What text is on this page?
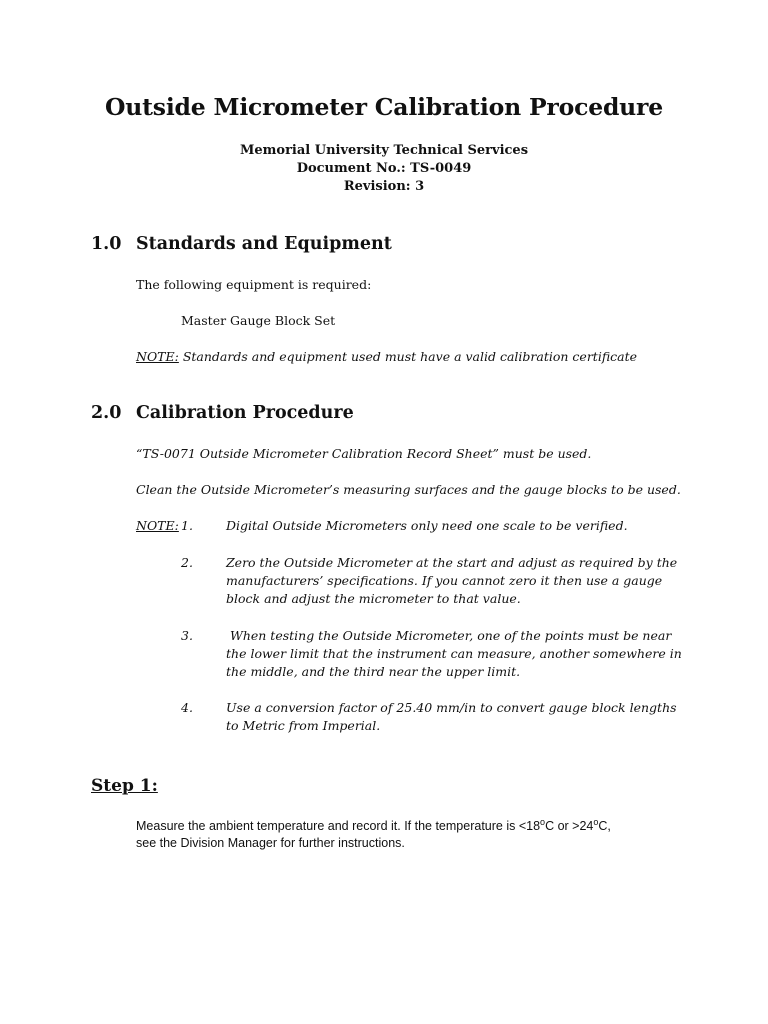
Outside Micrometer Calibration Procedure
Memorial University Technical Services
Document No.: TS-0049
Revision: 3
1.0 Standards and Equipment
The following equipment is required:
Master Gauge Block Set
NOTE: Standards and equipment used must have a valid calibration certificate
2.0 Calibration Procedure
“TS-0071 Outside Micrometer Calibration Record Sheet” must be used.
Clean the Outside Micrometer’s measuring surfaces and the gauge blocks to be used.
NOTE: 1.	Digital Outside Micrometers only need one scale to be verified.
2.	Zero the Outside Micrometer at the start and adjust as required by the
manufacturers’ specifications. If you cannot zero it then use a gauge
block and adjust the micrometer to that value.
3.	When testing the Outside Micrometer, one of the points must be near
the lower limit that the instrument can measure, another somewhere in
the middle, and the third near the upper limit.
4.	Use a conversion factor of 25.40 mm/in to convert gauge block lengths
to Metric from Imperial.
Step 1:
Measure the ambient temperature and record it. If the temperature is $<18^oC$ or $>24^oC$,
see the Division Manager for further instructions.
